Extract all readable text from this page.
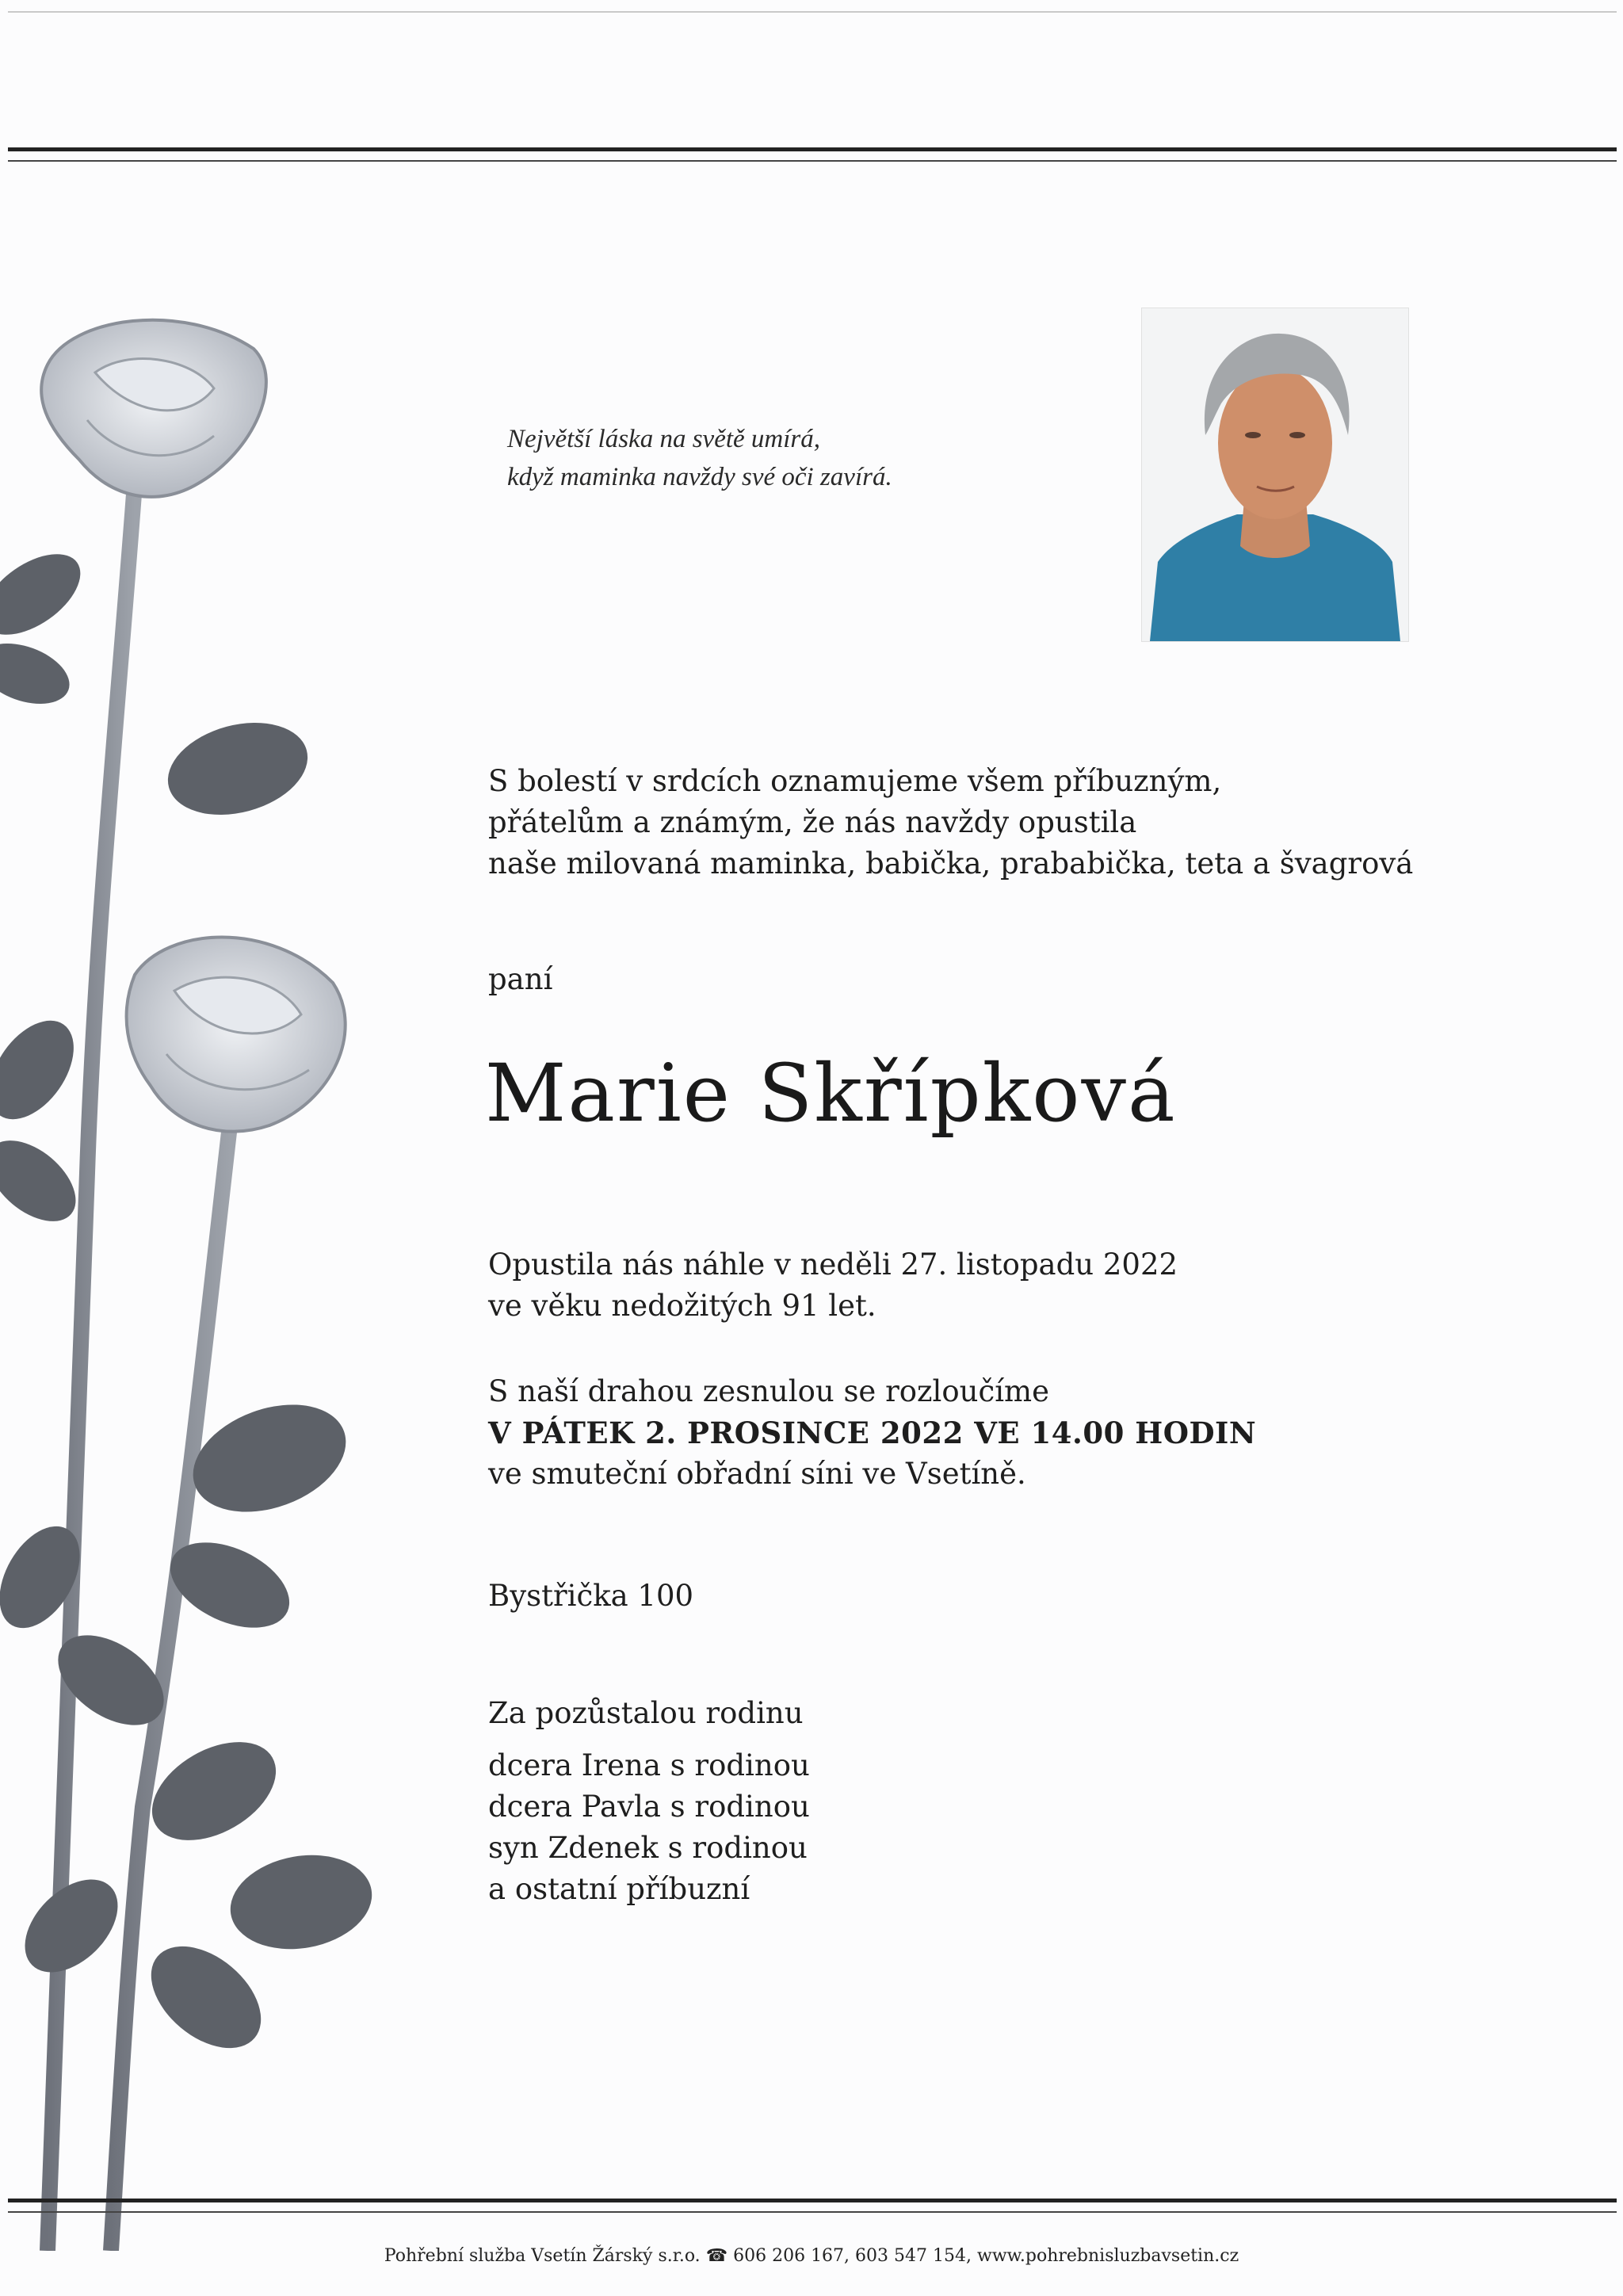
Největší láska na světě umírá,
když maminka navždy své oči zavírá.
S bolestí v srdcích oznamujeme všem příbuzným,
přátelům a známým, že nás navždy opustila
naše milovaná maminka, babička, prababička, teta a švagrová
paní
Marie Skřípková
Opustila nás náhle v neděli 27. listopadu 2022
ve věku nedožitých 91 let.
S naší drahou zesnulou se rozloučíme
V PÁTEK 2. PROSINCE 2022 VE 14.00 HODIN
ve smuteční obřadní síni ve Vsetíně.
Bystřička 100
Za pozůstalou rodinu
dcera Irena s rodinou
dcera Pavla s rodinou
syn Zdenek s rodinou
a ostatní příbuzní
Pohřební služba Vsetín Žárský s.r.o. ☎ 606 206 167, 603 547 154, www.pohrebnisluzbavsetin.cz
